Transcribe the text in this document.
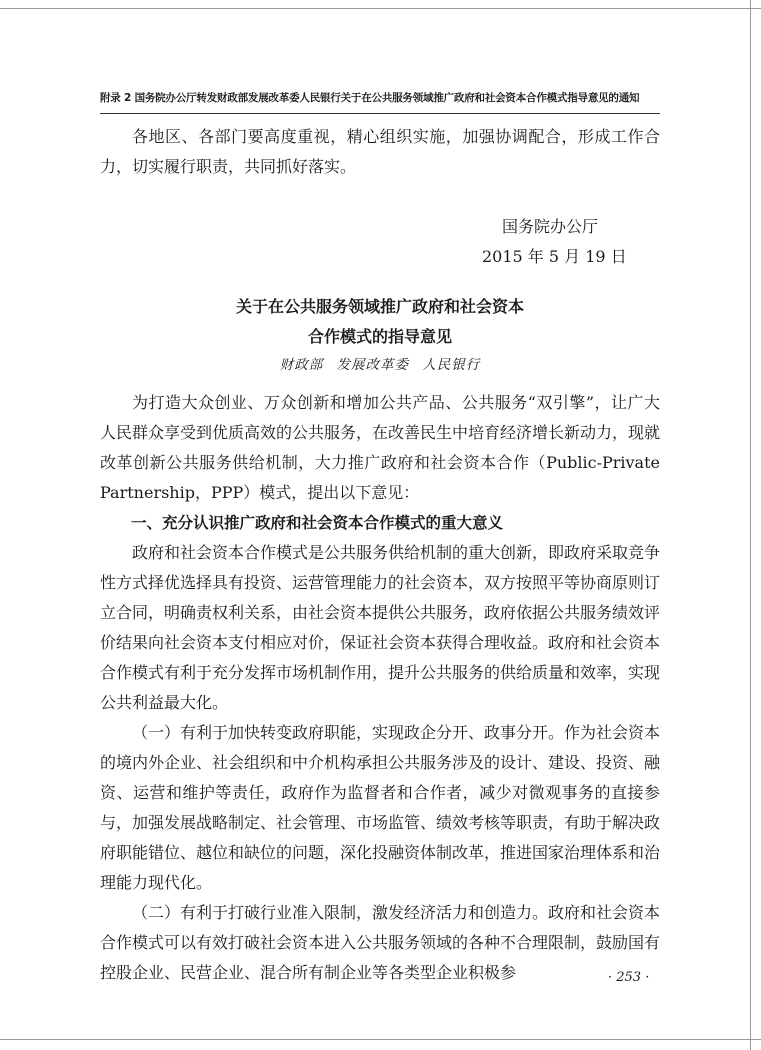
附录 2 国务院办公厅转发财政部发展改革委人民银行关于在公共服务领域推广政府和社会资本合作模式指导意见的通知

各地区、各部门要高度重视，精心组织实施，加强协调配合，形成工作合力，切实履行职责，共同抓好落实。

国务院办公厅

2015 年 5 月 19 日

关于在公共服务领域推广政府和社会资本

合作模式的指导意见

财政部 发展改革委 人民银行

为打造大众创业、万众创新和增加公共产品、公共服务“双引擎”，让广大人民群众享受到优质高效的公共服务，在改善民生中培育经济增长新动力，现就改革创新公共服务供给机制，大力推广政府和社会资本合作（Public-Private Partnership，PPP）模式，提出以下意见：

一、充分认识推广政府和社会资本合作模式的重大意义

政府和社会资本合作模式是公共服务供给机制的重大创新，即政府采取竞争性方式择优选择具有投资、运营管理能力的社会资本，双方按照平等协商原则订立合同，明确责权利关系，由社会资本提供公共服务，政府依据公共服务绩效评价结果向社会资本支付相应对价，保证社会资本获得合理收益。政府和社会资本合作模式有利于充分发挥市场机制作用，提升公共服务的供给质量和效率，实现公共利益最大化。

（一）有利于加快转变政府职能，实现政企分开、政事分开。作为社会资本的境内外企业、社会组织和中介机构承担公共服务涉及的设计、建设、投资、融资、运营和维护等责任，政府作为监督者和合作者，减少对微观事务的直接参与，加强发展战略制定、社会管理、市场监管、绩效考核等职责，有助于解决政府职能错位、越位和缺位的问题，深化投融资体制改革，推进国家治理体系和治理能力现代化。

（二）有利于打破行业准入限制，激发经济活力和创造力。政府和社会资本合作模式可以有效打破社会资本进入公共服务领域的各种不合理限制，鼓励国有控股企业、民营企业、混合所有制企业等各类型企业积极参	· 253 ·
